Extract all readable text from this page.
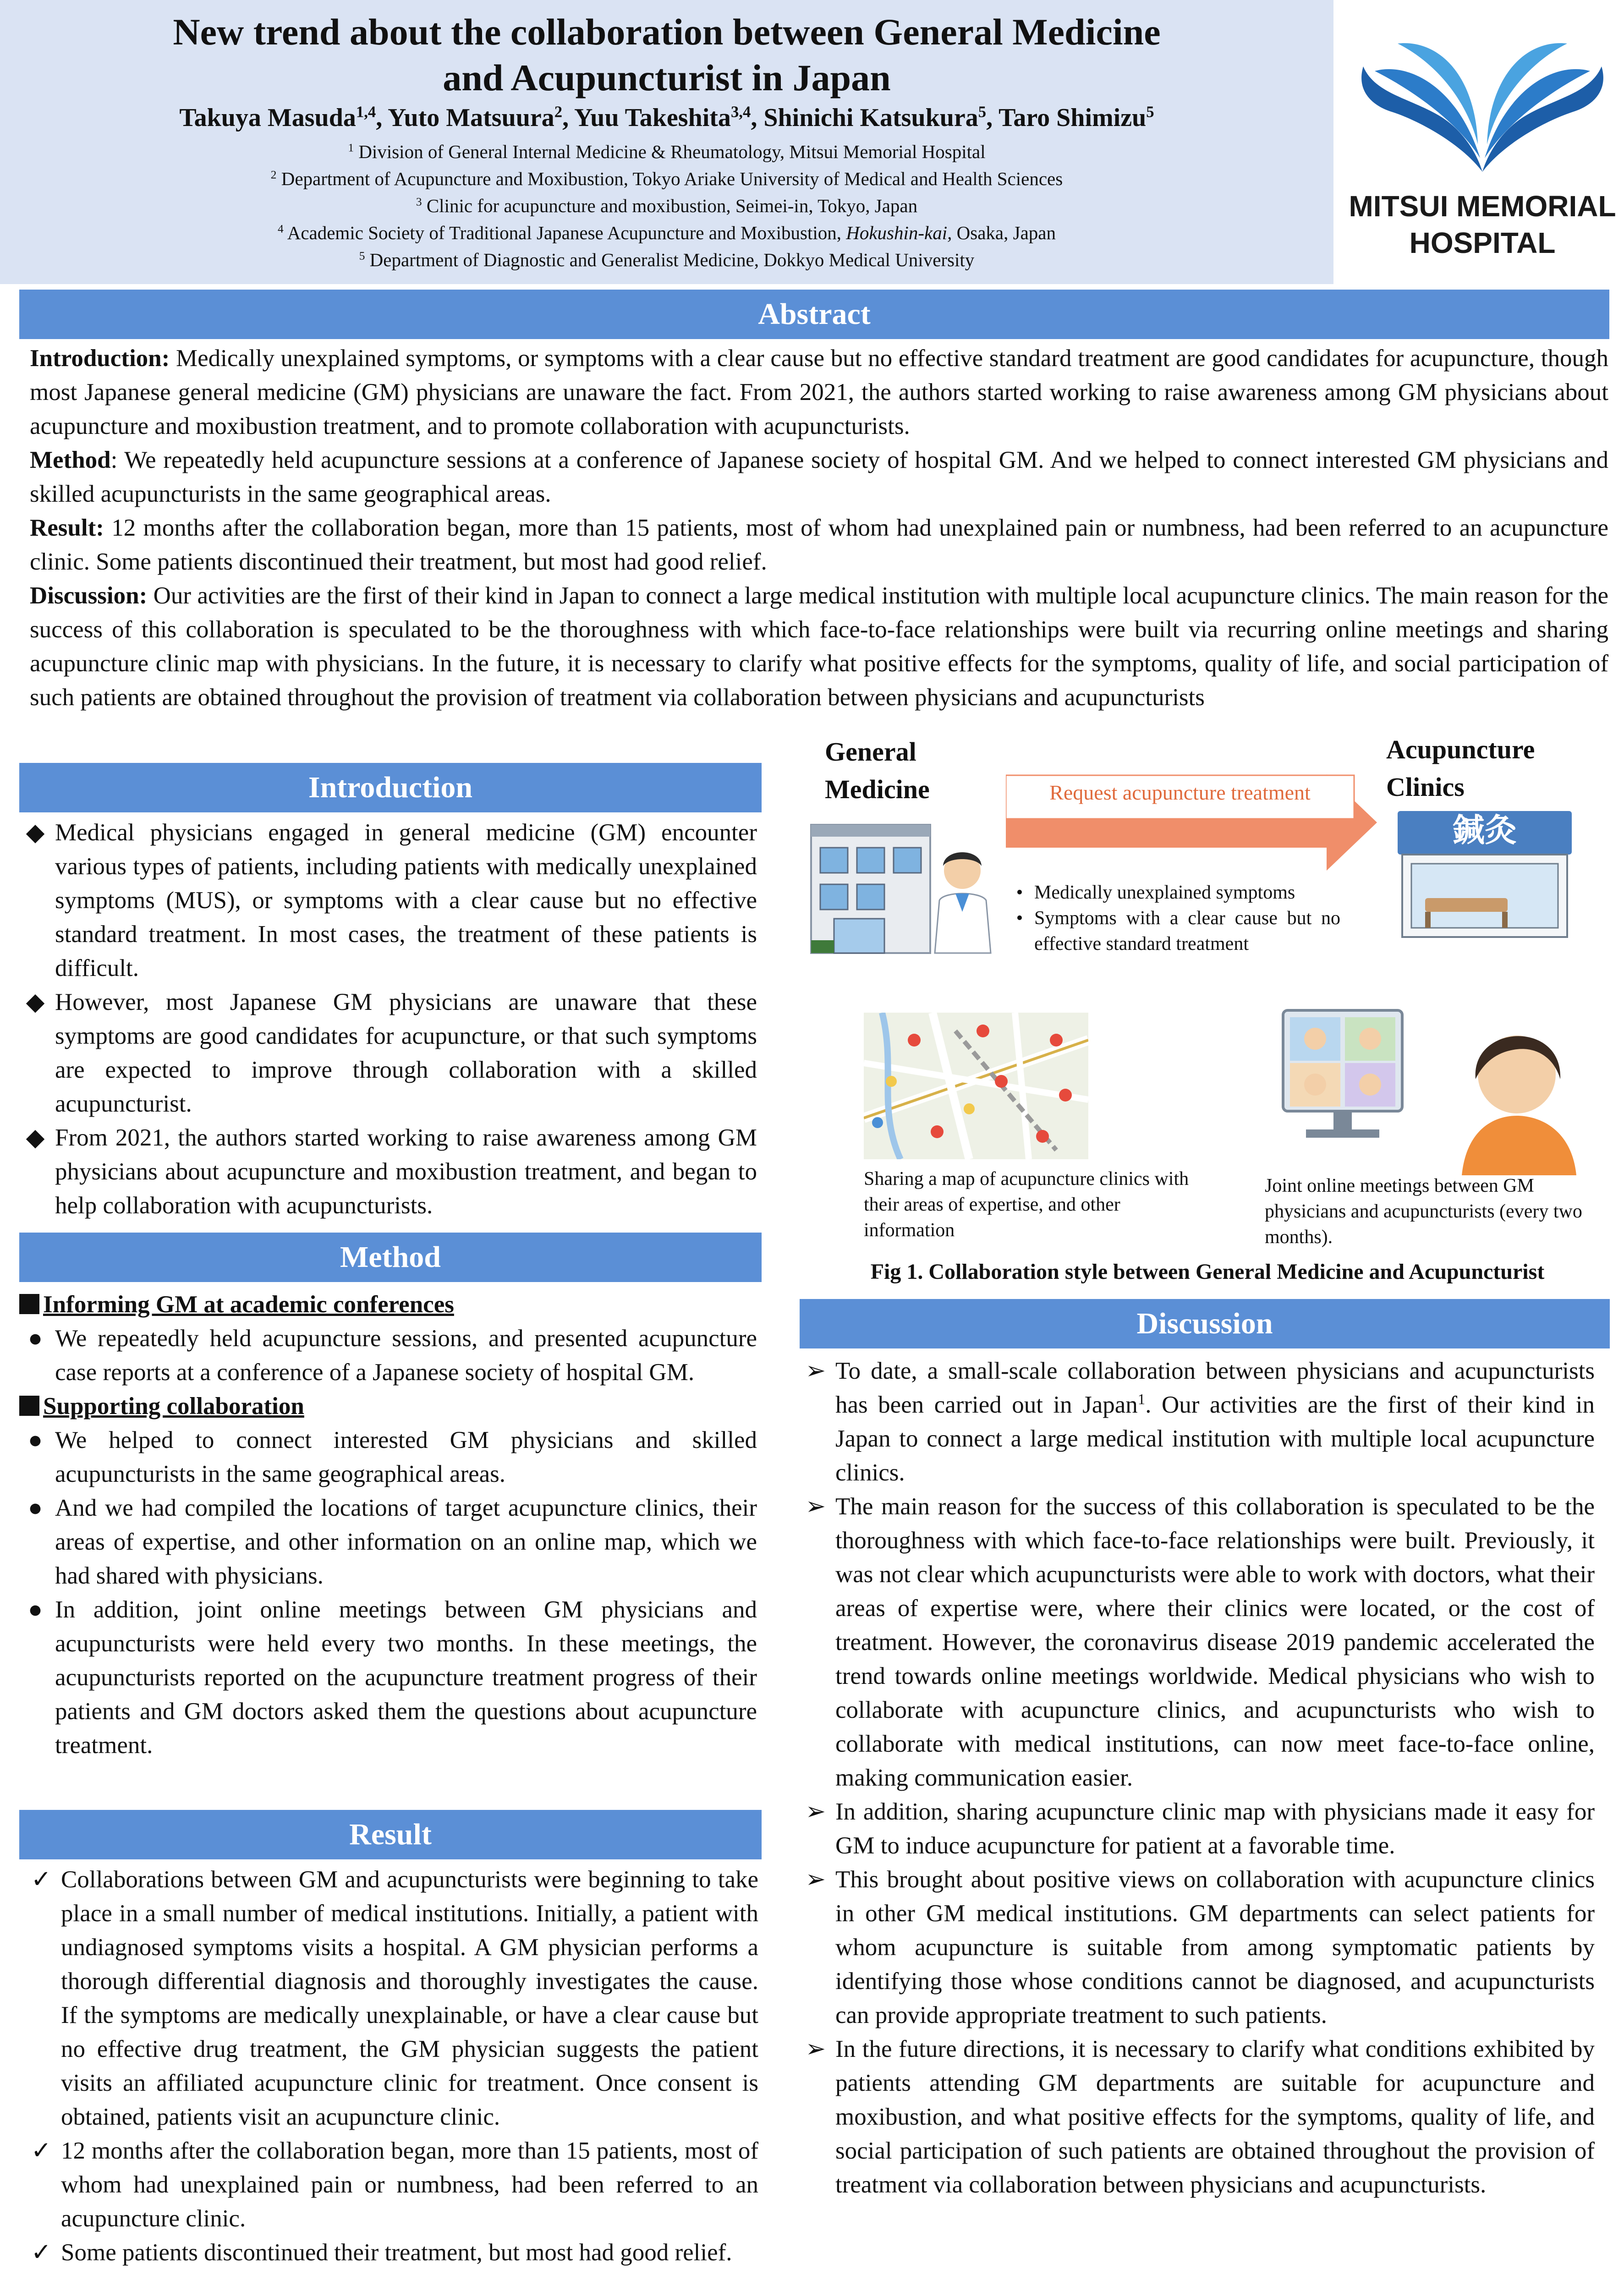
New trend about the collaboration between General Medicine
and Acupuncturist in Japan
Takuya Masuda$^{1,4}$, Yuto Matsuura$^2$, Yuu Takeshita$^{3,4}$, Shinichi Katsukura$^5$, Taro Shimizu$^5$
$^1$ Division of General Internal Medicine & Rheumatology, Mitsui Memorial Hospital
$^2$ Department of Acupuncture and Moxibustion, Tokyo Ariake University of Medical and Health Sciences
$^3$ Clinic for acupuncture and moxibustion, Seimei-in, Tokyo, Japan
$^4$ Academic Society of Traditional Japanese Acupuncture and Moxibustion, Hokushin-kai, Osaka, Japan
$^5$ Department of Diagnostic and Generalist Medicine, Dokkyo Medical University
MITSUI MEMORIAL
HOSPITAL
Abstract
Introduction: Medically unexplained symptoms, or symptoms with a clear cause but no effective standard treatment are good candidates for acupuncture, though most Japanese general medicine (GM) physicians are unaware the fact. From 2021, the authors started working to raise awareness among GM physicians about acupuncture and moxibustion treatment, and to promote collaboration with acupuncturists.
Method: We repeatedly held acupuncture sessions at a conference of Japanese society of hospital GM. And we helped to connect interested GM physicians and skilled acupuncturists in the same geographical areas.
Result: 12 months after the collaboration began, more than 15 patients, most of whom had unexplained pain or numbness, had been referred to an acupuncture clinic. Some patients discontinued their treatment, but most had good relief.
Discussion: Our activities are the first of their kind in Japan to connect a large medical institution with multiple local acupuncture clinics. The main reason for the success of this collaboration is speculated to be the thoroughness with which face-to-face relationships were built via recurring online meetings and sharing acupuncture clinic map with physicians. In the future, it is necessary to clarify what positive effects for the symptoms, quality of life, and social participation of such patients are obtained throughout the provision of treatment via collaboration between physicians and acupuncturists
Introduction
◆ Medical physicians engaged in general medicine (GM) encounter various types of patients, including patients with medically unexplained symptoms (MUS), or symptoms with a clear cause but no effective standard treatment. In most cases, the treatment of these patients is difficult.
◆ However, most Japanese GM physicians are unaware that these symptoms are good candidates for acupuncture, or that such symptoms are expected to improve through collaboration with a skilled acupuncturist.
◆ From 2021, the authors started working to raise awareness among GM physicians about acupuncture and moxibustion treatment, and began to help collaboration with acupuncturists.
Method
Informing GM at academic conferences
● We repeatedly held acupuncture sessions, and presented acupuncture case reports at a conference of a Japanese society of hospital GM.
Supporting collaboration
● We helped to connect interested GM physicians and skilled acupuncturists in the same geographical areas.
● And we had compiled the locations of target acupuncture clinics, their areas of expertise, and other information on an online map, which we had shared with physicians.
● In addition, joint online meetings between GM physicians and acupuncturists were held every two months. In these meetings, the acupuncturists reported on the acupuncture treatment progress of their patients and GM doctors asked them the questions about acupuncture treatment.
Result
✓ Collaborations between GM and acupuncturists were beginning to take place in a small number of medical institutions. Initially, a patient with undiagnosed symptoms visits a hospital. A GM physician performs a thorough differential diagnosis and thoroughly investigates the cause. If the symptoms are medically unexplainable, or have a clear cause but no effective drug treatment, the GM physician suggests the patient visits an affiliated acupuncture clinic for treatment. Once consent is obtained, patients visit an acupuncture clinic.
✓ 12 months after the collaboration began, more than 15 patients, most of whom had unexplained pain or numbness, had been referred to an acupuncture clinic.
✓ Some patients discontinued their treatment, but most had good relief.
General
Medicine
Acupuncture
Clinics
Request acupuncture treatment
• Medically unexplained symptoms
• Symptoms with a clear cause but no effective standard treatment
鍼灸
Sharing a map of acupuncture clinics with their areas of expertise, and other information
Joint online meetings between GM physicians and acupuncturists (every two months).
Fig 1. Collaboration style between General Medicine and Acupuncturist
Discussion
➢ To date, a small-scale collaboration between physicians and acupuncturists has been carried out in Japan$^1$. Our activities are the first of their kind in Japan to connect a large medical institution with multiple local acupuncture clinics.
➢ The main reason for the success of this collaboration is speculated to be the thoroughness with which face-to-face relationships were built. Previously, it was not clear which acupuncturists were able to work with doctors, what their areas of expertise were, where their clinics were located, or the cost of treatment. However, the coronavirus disease 2019 pandemic accelerated the trend towards online meetings worldwide. Medical physicians who wish to collaborate with acupuncture clinics, and acupuncturists who wish to collaborate with medical institutions, can now meet face-to-face online, making communication easier.
➢ In addition, sharing acupuncture clinic map with physicians made it easy for GM to induce acupuncture for patient at a favorable time.
➢ This brought about positive views on collaboration with acupuncture clinics in other GM medical institutions. GM departments can select patients for whom acupuncture is suitable from among symptomatic patients by identifying those whose conditions cannot be diagnosed, and acupuncturists can provide appropriate treatment to such patients.
➢ In the future directions, it is necessary to clarify what conditions exhibited by patients attending GM departments are suitable for acupuncture and moxibustion, and what positive effects for the symptoms, quality of life, and social participation of such patients are obtained throughout the provision of treatment via collaboration between physicians and acupuncturists.
